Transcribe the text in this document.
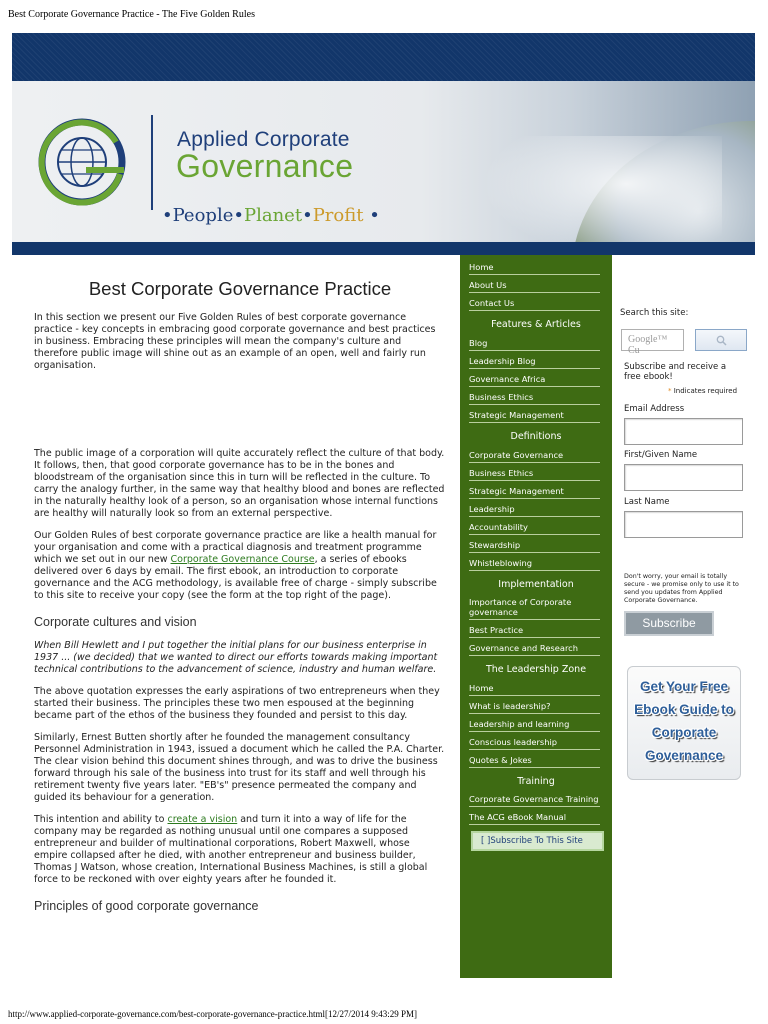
Best Corporate Governance Practice - The Five Golden Rules
Applied Corporate
Governance
•People•Planet•Profit •
Best Corporate Governance Practice

In this section we present our Five Golden Rules of best corporate governance practice - key concepts in embracing good corporate governance and best practices in business. Embracing these principles will mean the company's culture and therefore public image will shine out as an example of an open, well and fairly run organisation.

The public image of a corporation will quite accurately reflect the culture of that body. It follows, then, that good corporate governance has to be in the bones and bloodstream of the organisation since this in turn will be reflected in the culture. To carry the analogy further, in the same way that healthy blood and bones are reflected in the naturally healthy look of a person, so an organisation whose internal functions are healthy will naturally look so from an external perspective.

Our Golden Rules of best corporate governance practice are like a health manual for your organisation and come with a practical diagnosis and treatment programme which we set out in our new Corporate Governance Course, a series of ebooks delivered over 6 days by email. The first ebook, an introduction to corporate governance and the ACG methodology, is available free of charge - simply subscribe to this site to receive your copy (see the form at the top right of the page).

Corporate cultures and vision

When Bill Hewlett and I put together the initial plans for our business enterprise in 1937 ... (we decided) that we wanted to direct our efforts towards making important technical contributions to the advancement of science, industry and human welfare.

The above quotation expresses the early aspirations of two entrepreneurs when they started their business. The principles these two men espoused at the beginning became part of the ethos of the business they founded and persist to this day.

Similarly, Ernest Butten shortly after he founded the management consultancy Personnel Administration in 1943, issued a document which he called the P.A. Charter. The clear vision behind this document shines through, and was to drive the business forward through his sale of the business into trust for its staff and well through his retirement twenty five years later. "EB's" presence permeated the company and guided its behaviour for a generation.

This intention and ability to create a vision and turn it into a way of life for the company may be regarded as nothing unusual until one compares a supposed entrepreneur and builder of multinational corporations, Robert Maxwell, whose empire collapsed after he died, with another entrepreneur and business builder, Thomas J Watson, whose creation, International Business Machines, is still a global force to be reckoned with over eighty years after he founded it.

Principles of good corporate governance
Home
About Us
Contact Us
Features & Articles
Blog
Leadership Blog
Governance Africa
Business Ethics
Strategic Management
Definitions
Corporate Governance
Business Ethics
Strategic Management
Leadership
Accountability
Stewardship
Whistleblowing
Implementation
Importance of Corporate governance
Best Practice
Governance and Research
The Leadership Zone
Home
What is leadership?
Leadership and learning
Conscious leadership
Quotes & Jokes
Training
Corporate Governance Training
The ACG eBook Manual
[ ]Subscribe To This Site
Search this site:
Google™ Cu
Subscribe and receive a free ebook!
* Indicates required
Email Address
First/Given Name
Last Name
Don't worry, your email is totally secure - we promise only to use it to send you updates from Applied Corporate Governance.
Subscribe
Get Your Free
Ebook Guide to
Corporate
Governance
http://www.applied-corporate-governance.com/best-corporate-governance-practice.html[12/27/2014 9:43:29 PM]
